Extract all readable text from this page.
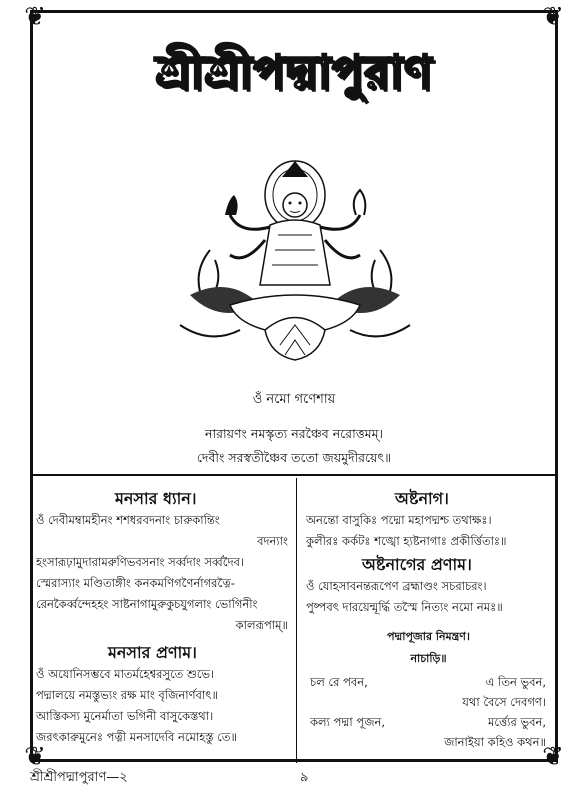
❦	❦
❦	❦
শ্রীশ্রীপদ্মাপুরাণ
ওঁ নমো গণেশায়
নারায়ণং নমস্কৃত্য নরঞ্চৈব নরোত্তমম্।
দেবীং সরস্বতীঞ্চৈব ততো জয়মুদীরয়েৎ॥
মনসার ধ্যান।
ওঁ দেবীমম্বামহীনং শশধরবদনাং চারুকান্তিং
বদন্যাং
হংসারূঢ়ামুদারামরুণিভবসনাং সর্ব্বদাং সর্ব্বদৈব।
স্মেরাস্যাং মণ্ডিতাঙ্গীং কনকমণিগণৈর্নাগরত্নৈ-
রেনকৈর্ব্বন্দেহহং সাষ্টনাগামুরুকুচযুগলাং ভোগিনীং
কালরূপাম্॥
মনসার প্রণাম।
ওঁ অযোনিসম্ভবে মাতর্মহেশ্বরসুতে শুভে।
পদ্মালয়ে নমস্তুভ্যং রক্ষ মাং বৃজিনার্ণবাৎ॥
আস্তিকস্য মুনের্মাতা ভগিনী বাসুকেস্তথা।
জরৎকারুমুনেঃ পত্নী মনসাদেবি নমোহস্তু তে॥
অষ্টনাগ।
অনন্তো বাসুকিঃ পদ্মো মহাপদ্মশ্চ তথাক্ষঃ।
কুলীরঃ কর্কটঃ শঙ্খো হ্যষ্টনাগাঃ প্রকীর্ত্তিতাঃ॥
অষ্টনাগের প্রণাম।
ওঁ যোহসাবনন্তরূপেণ ব্রহ্মাণ্ডং সচরাচরং।
পুষ্পবৎ দারয়েন্মূর্দ্ধি তস্মৈ নিত্যং নমো নমঃ॥
পদ্মাপূজার নিমন্ত্রণ।
নাচাড়ি॥
চল রে পবন,	এ তিন ভুবন,
যথা বৈসে দেবগণ।
কল্য পদ্মা পূজন,	মর্ত্ত্যের ভুবন,
জানাইয়া কহিও কথন॥
শ্রীশ্রীপদ্মাপুরাণ—২	৯
